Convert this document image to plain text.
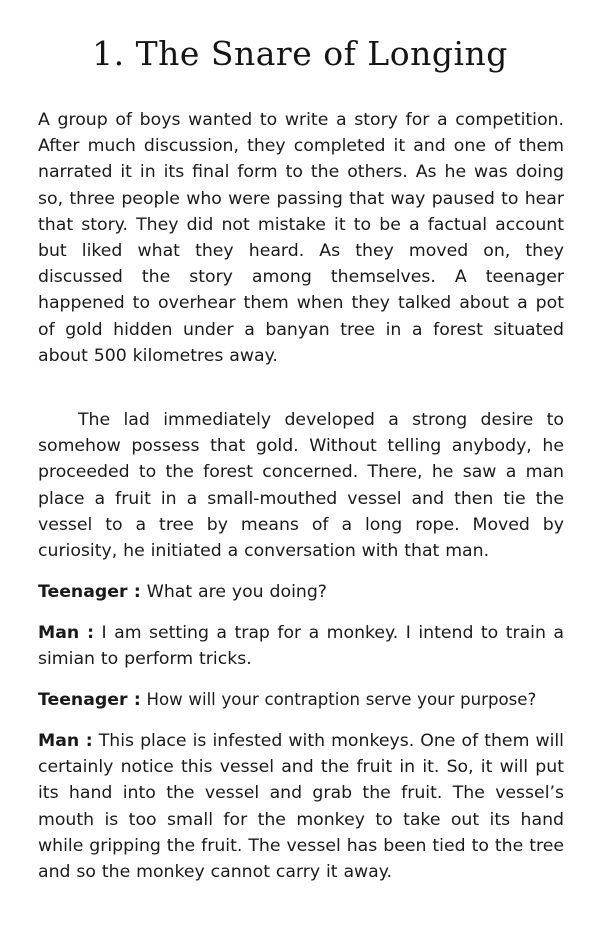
1. The Snare of Longing

A group of boys wanted to write a story for a competition. After much discussion, they completed it and one of them narrated it in its final form to the others. As he was doing so, three people who were passing that way paused to hear that story. They did not mistake it to be a factual account but liked what they heard. As they moved on, they discussed the story among themselves. A teenager happened to overhear them when they talked about a pot of gold hidden under a banyan tree in a forest situated about 500 kilometres away.

The lad immediately developed a strong desire to somehow possess that gold. Without telling anybody, he proceeded to the forest concerned. There, he saw a man place a fruit in a small-mouthed vessel and then tie the vessel to a tree by means of a long rope. Moved by curiosity, he initiated a conversation with that man.

Teenager : What are you doing?

Man : I am setting a trap for a monkey. I intend to train a simian to perform tricks.

Teenager : How will your contraption serve your purpose?

Man : This place is infested with monkeys. One of them will certainly notice this vessel and the fruit in it. So, it will put its hand into the vessel and grab the fruit. The vessel’s mouth is too small for the monkey to take out its hand while gripping the fruit. The vessel has been tied to the tree and so the monkey cannot carry it away.
